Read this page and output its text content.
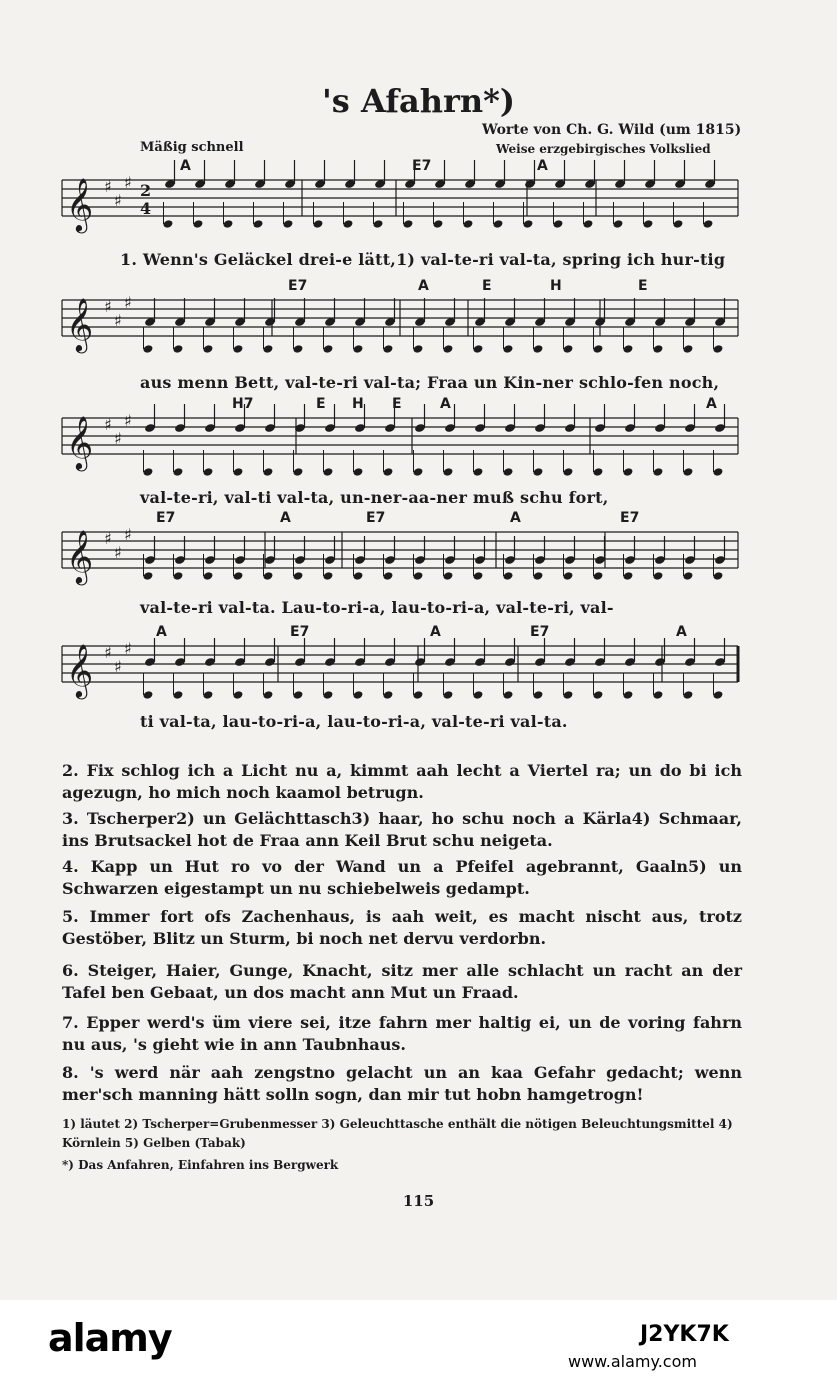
's Afahrn*)
Worte von Ch. G. Wild (um 1815)
Weise erzgebirgisches Volkslied
Mäßig schnell
𝄞 ♯
♯
♯ 2
4
A	E7	A
𝄞 ♯
♯
♯
E7	A	E	H	E
𝄞 ♯
♯
♯
H7	E H E	A	A
𝄞 ♯
♯
♯
E7	A	E7	A	E7
𝄞 ♯
♯
♯
A	E7	A	E7	A
1. Wenn's Geläckel drei-e lätt,1) val-te-ri val-ta, spring ich hur-tig
aus menn Bett, val-te-ri val-ta; Fraa un Kin-ner schlo-fen noch,
val-te-ri, val-ti val-ta, un-ner-aa-ner muß schu fort,
val-te-ri val-ta. Lau-to-ri-a, lau-to-ri-a, val-te-ri, val-
ti val-ta, lau-to-ri-a, lau-to-ri-a, val-te-ri val-ta.
2. Fix schlog ich a Licht nu a, kimmt aah lecht a Viertel ra; un do bi ich agezugn, ho mich noch kaamol betrugn.
3. Tscherper2) un Gelächttasch3) haar, ho schu noch a Kärla4) Schmaar, ins Brutsackel hot de Fraa ann Keil Brut schu neigeta.
4. Kapp un Hut ro vo der Wand un a Pfeifel agebrannt, Gaaln5) un Schwarzen eigestampt un nu schiebelweis gedampt.
5. Immer fort ofs Zachenhaus, is aah weit, es macht nischt aus, trotz Gestöber, Blitz un Sturm, bi noch net dervu verdorbn.
6. Steiger, Haier, Gunge, Knacht, sitz mer alle schlacht un racht an der Tafel ben Gebaat, un dos macht ann Mut un Fraad.
7. Epper werd's üm viere sei, itze fahrn mer haltig ei, un de voring fahrn nu aus, 's gieht wie in ann Taubnhaus.
8. 's werd när aah zengstno gelacht un an kaa Gefahr gedacht; wenn mer'sch manning hätt solln sogn, dan mir tut hobn hamgetrogn!
1) läutet 2) Tscherper=Grubenmesser 3) Geleuchttasche enthält die nötigen Beleuchtungsmittel 4) Körnlein 5) Gelben (Tabak)
*) Das Anfahren, Einfahren ins Bergwerk
115
alamy	J2YK7K
www.alamy.com
